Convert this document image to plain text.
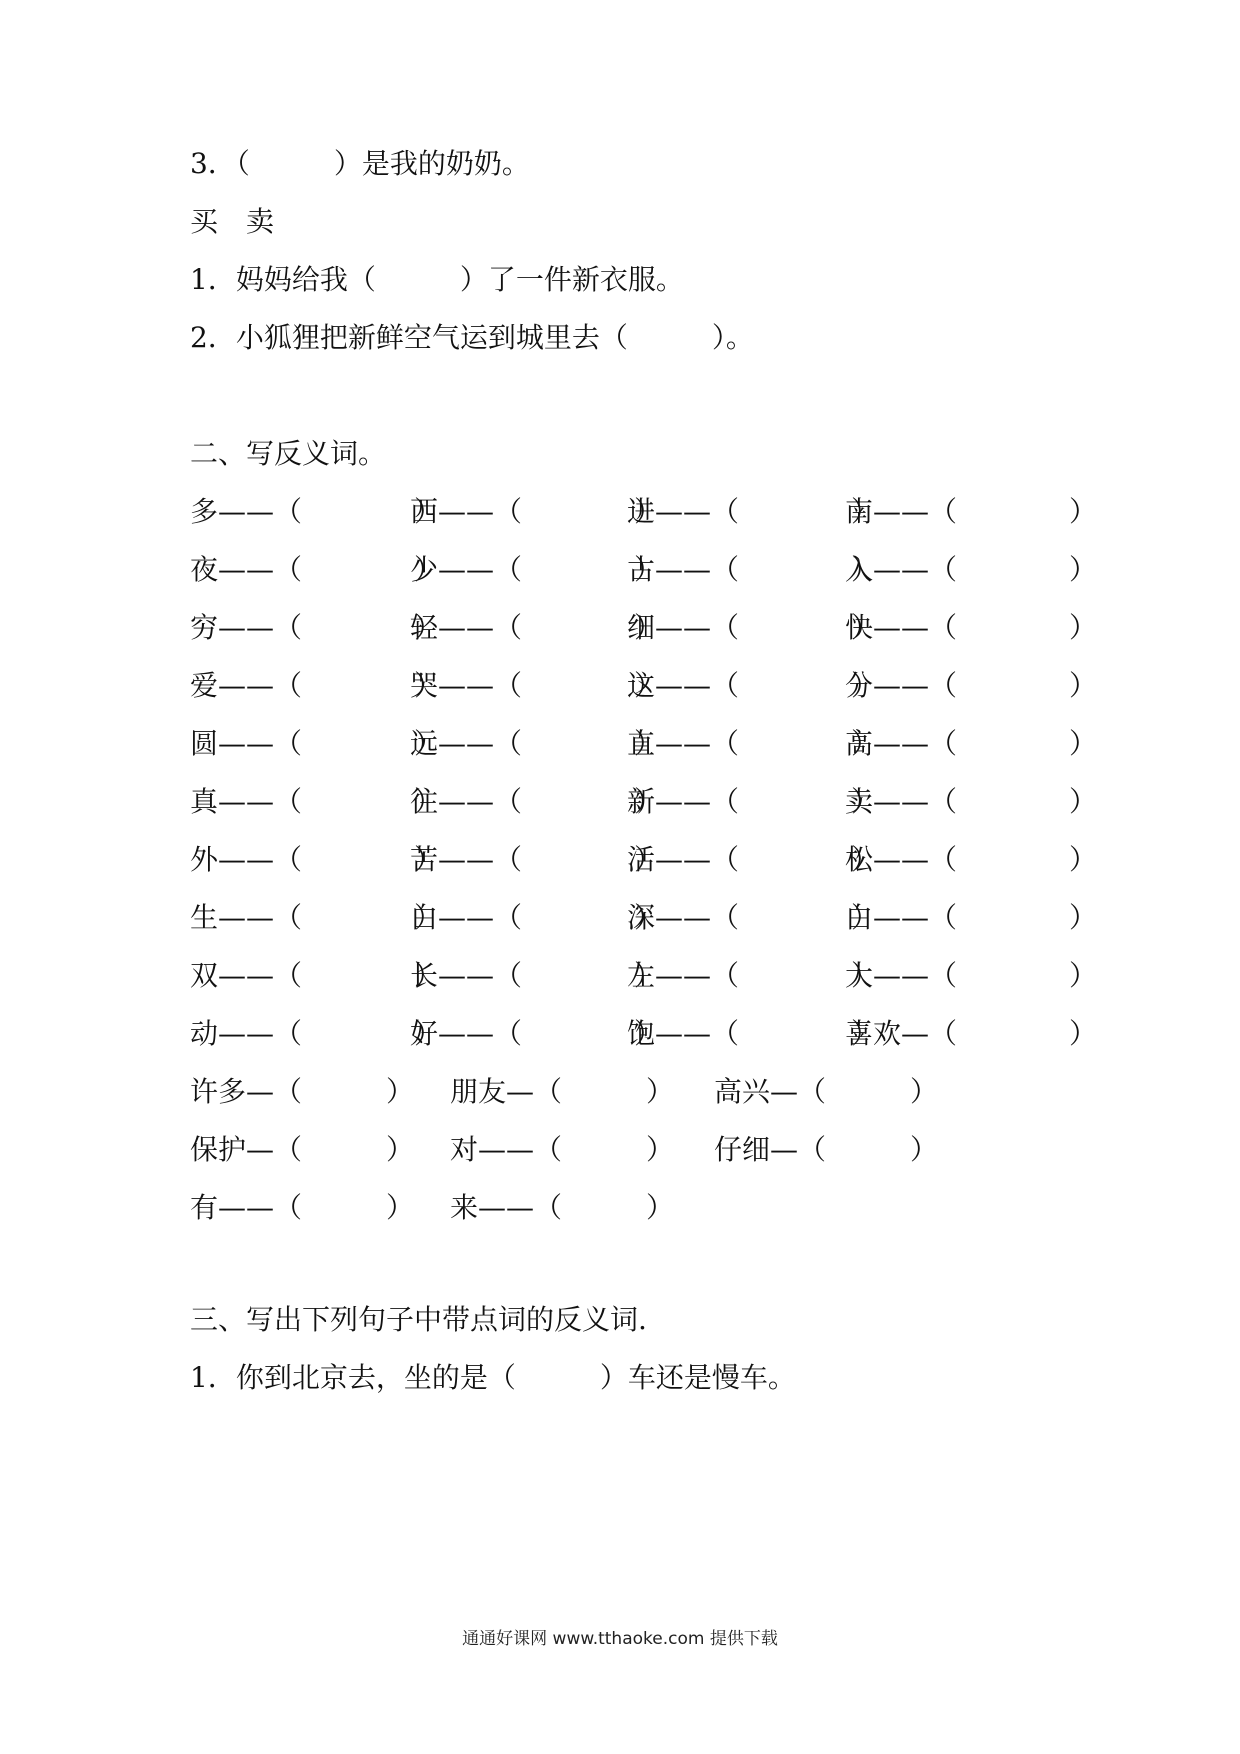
3．（　　　）是我的奶奶。
买　卖
1．妈妈给我（　　　）了一件新衣服。
2．小狐狸把新鲜空气运到城里去（　　　）。
二、写反义词。
多——（　　　　）
西——（　　　　）
进——（　　　　）
南——（　　　　）
夜——（　　　　）
少——（　　　　）
古——（　　　　）
入——（　　　　）
穷——（　　　　）
轻——（　　　　）
细——（　　　　）
快——（　　　　）
爱——（　　　　）
哭——（　　　　）
这——（　　　　）
分——（　　　　）
圆——（　　　　）
远——（　　　　）
直——（　　　　）
高——（　　　　）
真——（　　　　）
往——（　　　　）
新——（　　　　）
卖——（　　　　）
外——（　　　　）
苦——（　　　　）
活——（　　　　）
松——（　　　　）
生——（　　　　）
白——（　　　　）
深——（　　　　）
白——（　　　　）
双——（　　　　）
长——（　　　　）
左——（　　　　）
大——（　　　　）
动——（　　　　）
好——（　　　　）
饱——（　　　　）
喜欢—（　　　　）
许多—（　　　） 朋友—（　　　） 高兴—（　　　）
保护—（　　　） 对——（　　　） 仔细—（　　　）
有——（　　　） 来——（　　　）
三、写出下列句子中带点词的反义词.
1．你到北京去，坐的是（　　　）车还是慢车。
通通好课网 www.tthaoke.com 提供下载
